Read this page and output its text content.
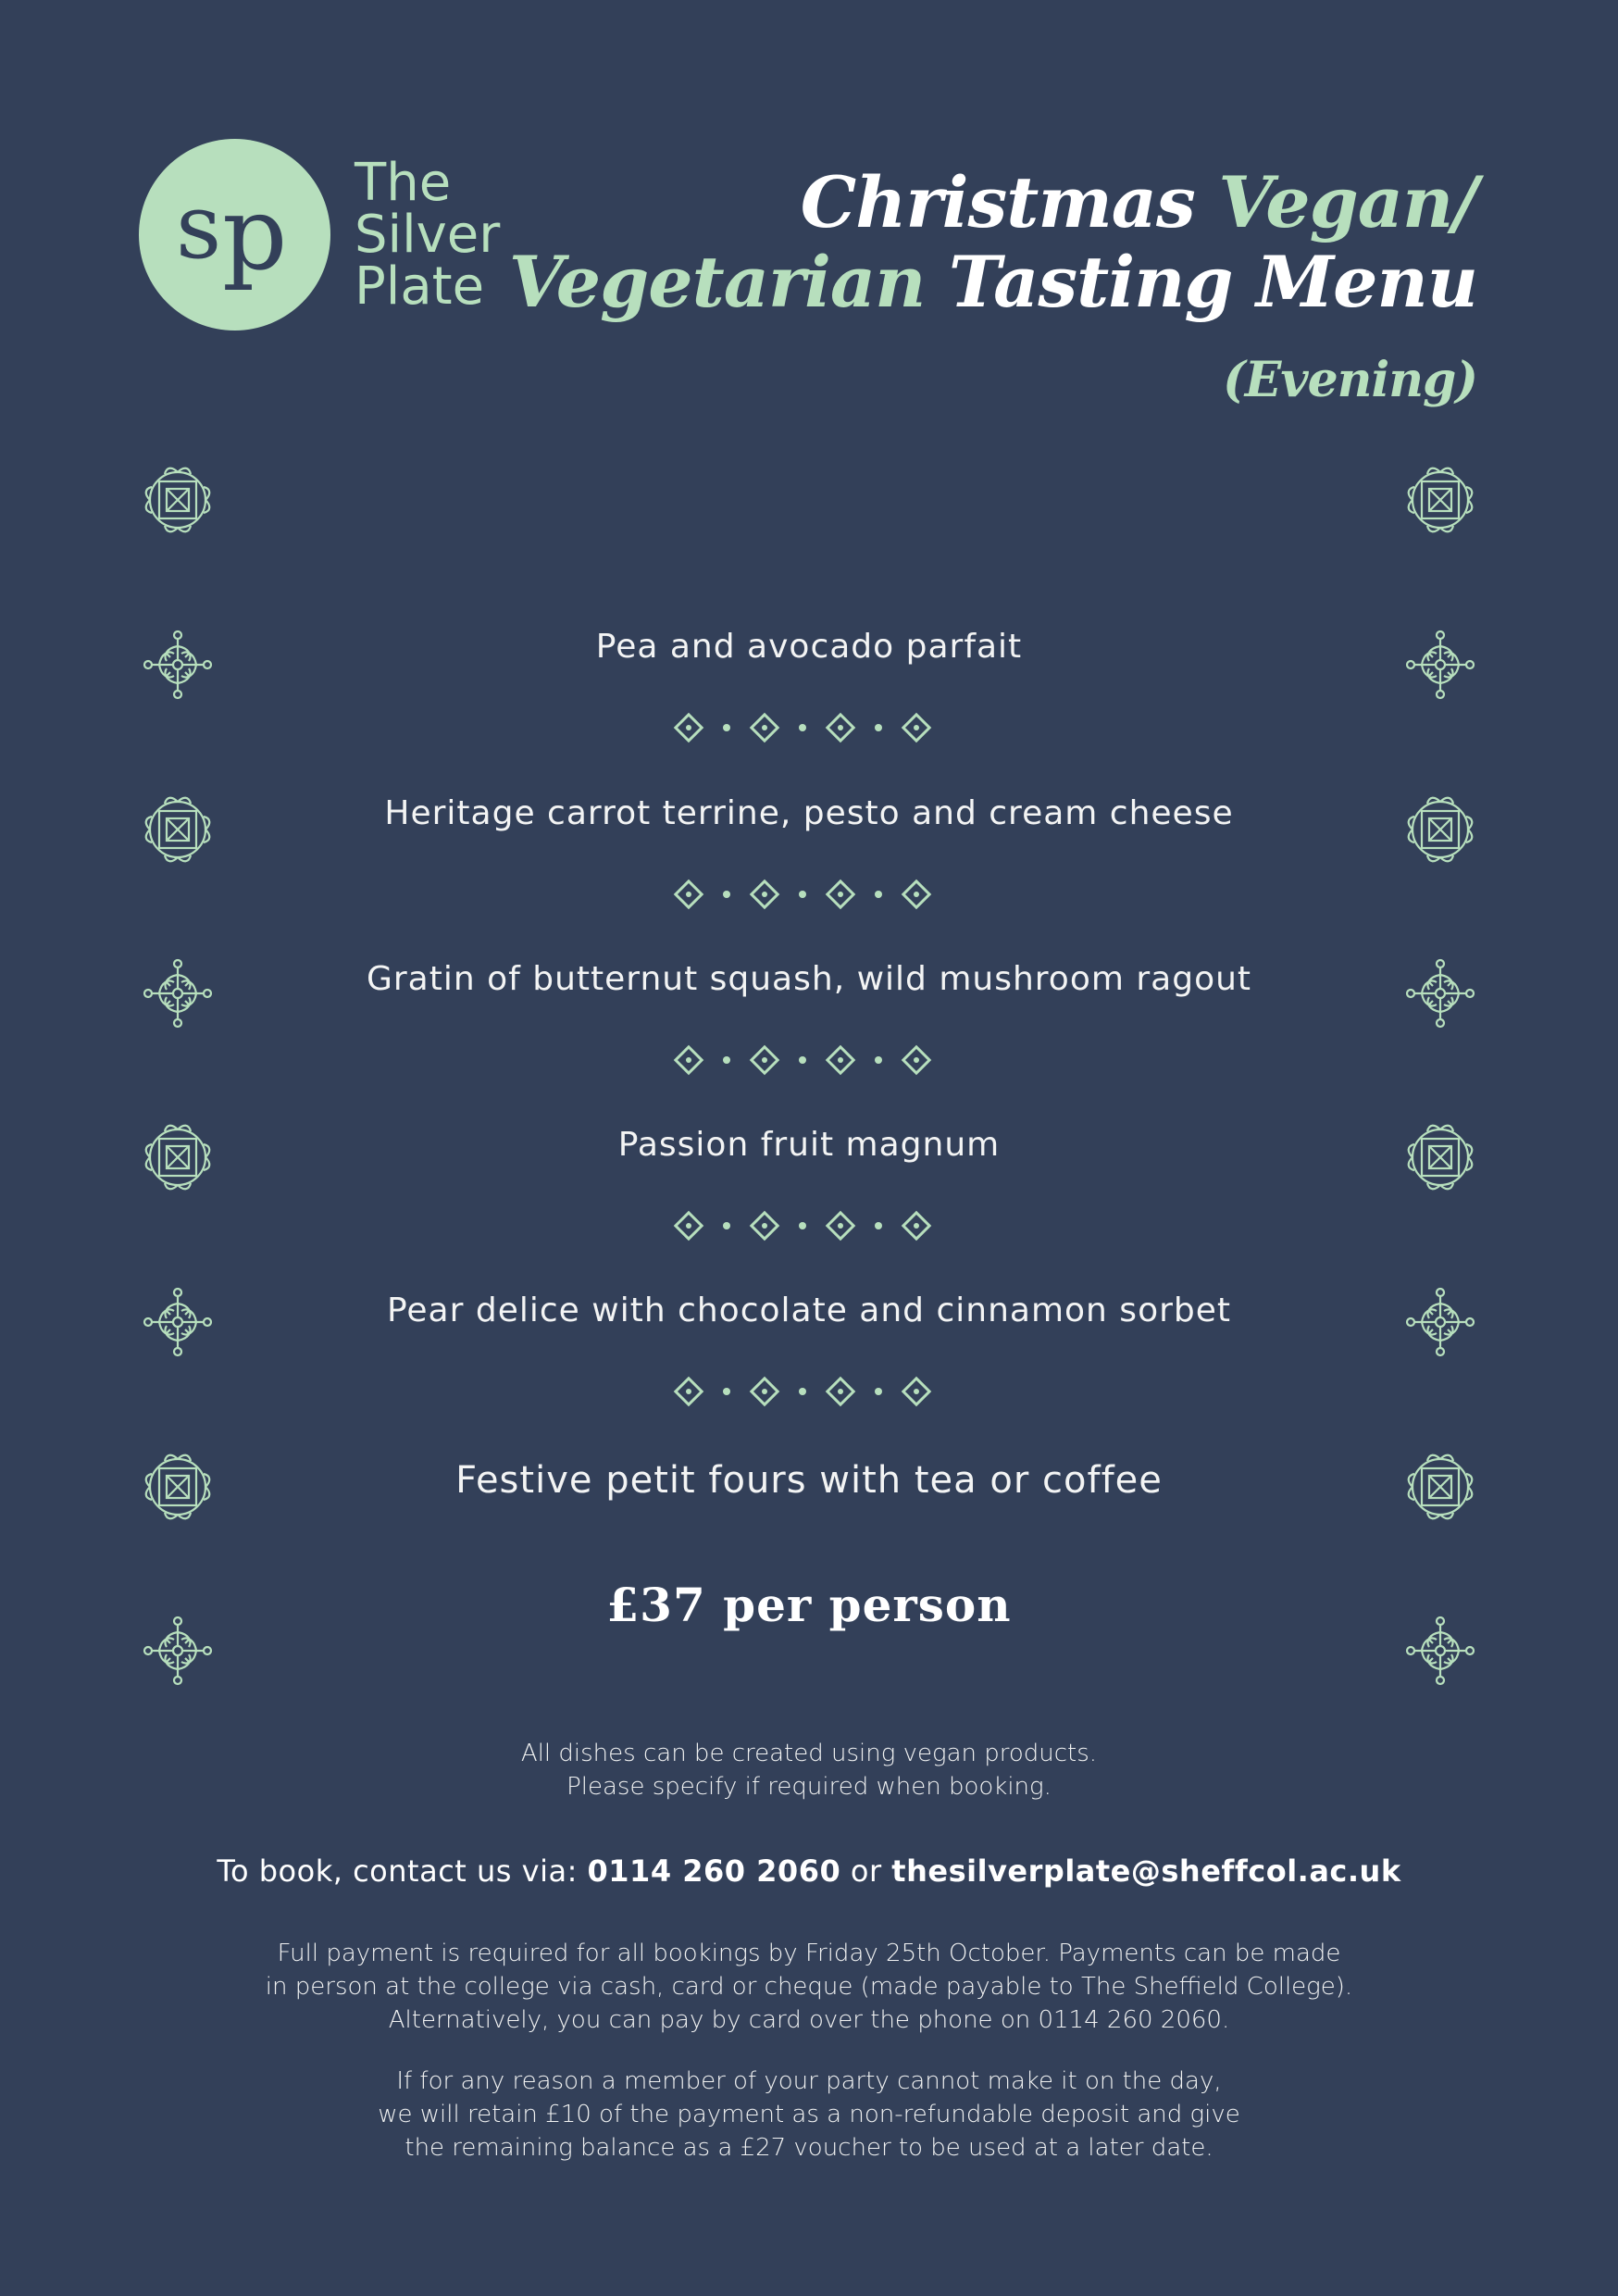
s p The
Silver
Plate
Christmas Vegan/
Vegetarian Tasting Menu
(Evening)
Pea and avocado parfait
Heritage carrot terrine, pesto and cream cheese
Gratin of butternut squash, wild mushroom ragout
Passion fruit magnum
Pear delice with chocolate and cinnamon sorbet
Festive petit fours with tea or coffee
£37 per person
All dishes can be created using vegan products.
Please specify if required when booking.
To book, contact us via: 0114 260 2060 or thesilverplate@sheffcol.ac.uk
Full payment is required for all bookings by Friday 25th October. Payments can be made
in person at the college via cash, card or cheque (made payable to The Sheffield College).
Alternatively, you can pay by card over the phone on 0114 260 2060.
If for any reason a member of your party cannot make it on the day,
we will retain £10 of the payment as a non-refundable deposit and give
the remaining balance as a £27 voucher to be used at a later date.
